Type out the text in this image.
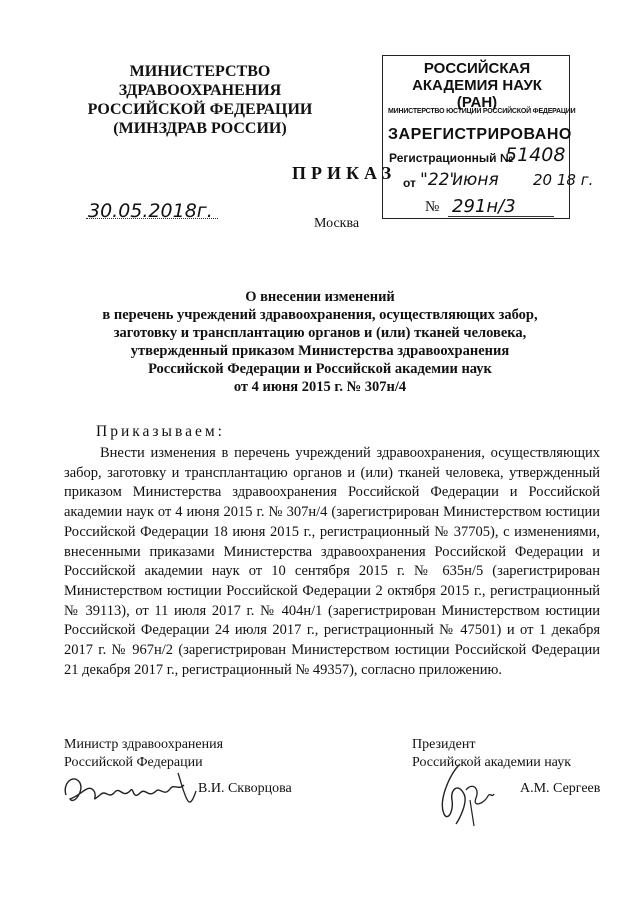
МИНИСТЕРСТВО
ЗДРАВООХРАНЕНИЯ
РОССИЙСКОЙ ФЕДЕРАЦИИ
(МИНЗДРАВ РОССИИ)
РОССИЙСКАЯ
АКАДЕМИЯ НАУК
(РАН)
МИНИСТЕРСТВО ЮСТИЦИИ РОССИЙСКОЙ ФЕДЕРАЦИИ
ЗАРЕГИСТРИРОВАНО
Регистрационный №
51408
от "22"
июня 20 18 г.
ПРИКАЗ
30.05.2018г.
Москва
№ 291н/3
О внесении изменений
в перечень учреждений здравоохранения, осуществляющих забор,
заготовку и трансплантацию органов и (или) тканей человека,
утвержденный приказом Министерства здравоохранения
Российской Федерации и Российской академии наук
от 4 июня 2015 г. № 307н/4
Приказываем:
Внести изменения в перечень учреждений здравоохранения, осуществляющих забор, заготовку и трансплантацию органов и (или) тканей человека, утвержденный приказом Министерства здравоохранения Российской Федерации и Российской академии наук от 4 июня 2015 г. № 307н/4 (зарегистрирован Министерством юстиции Российской Федерации 18 июня 2015 г., регистрационный № 37705), с изменениями, внесенными приказами Министерства здравоохранения Российской Федерации и Российской академии наук от 10 сентября 2015 г. № 635н/5 (зарегистрирован Министерством юстиции Российской Федерации 2 октября 2015 г., регистрационный № 39113), от 11 июля 2017 г. № 404н/1 (зарегистрирован Министерством юстиции Российской Федерации 24 июля 2017 г., регистрационный № 47501) и от 1 декабря 2017 г. № 967н/2 (зарегистрирован Министерством юстиции Российской Федерации 21 декабря 2017 г., регистрационный № 49357), согласно приложению.
Министр здравоохранения
Российской Федерации
В.И. Скворцова
Президент
Российской академии наук
А.М. Сергеев
